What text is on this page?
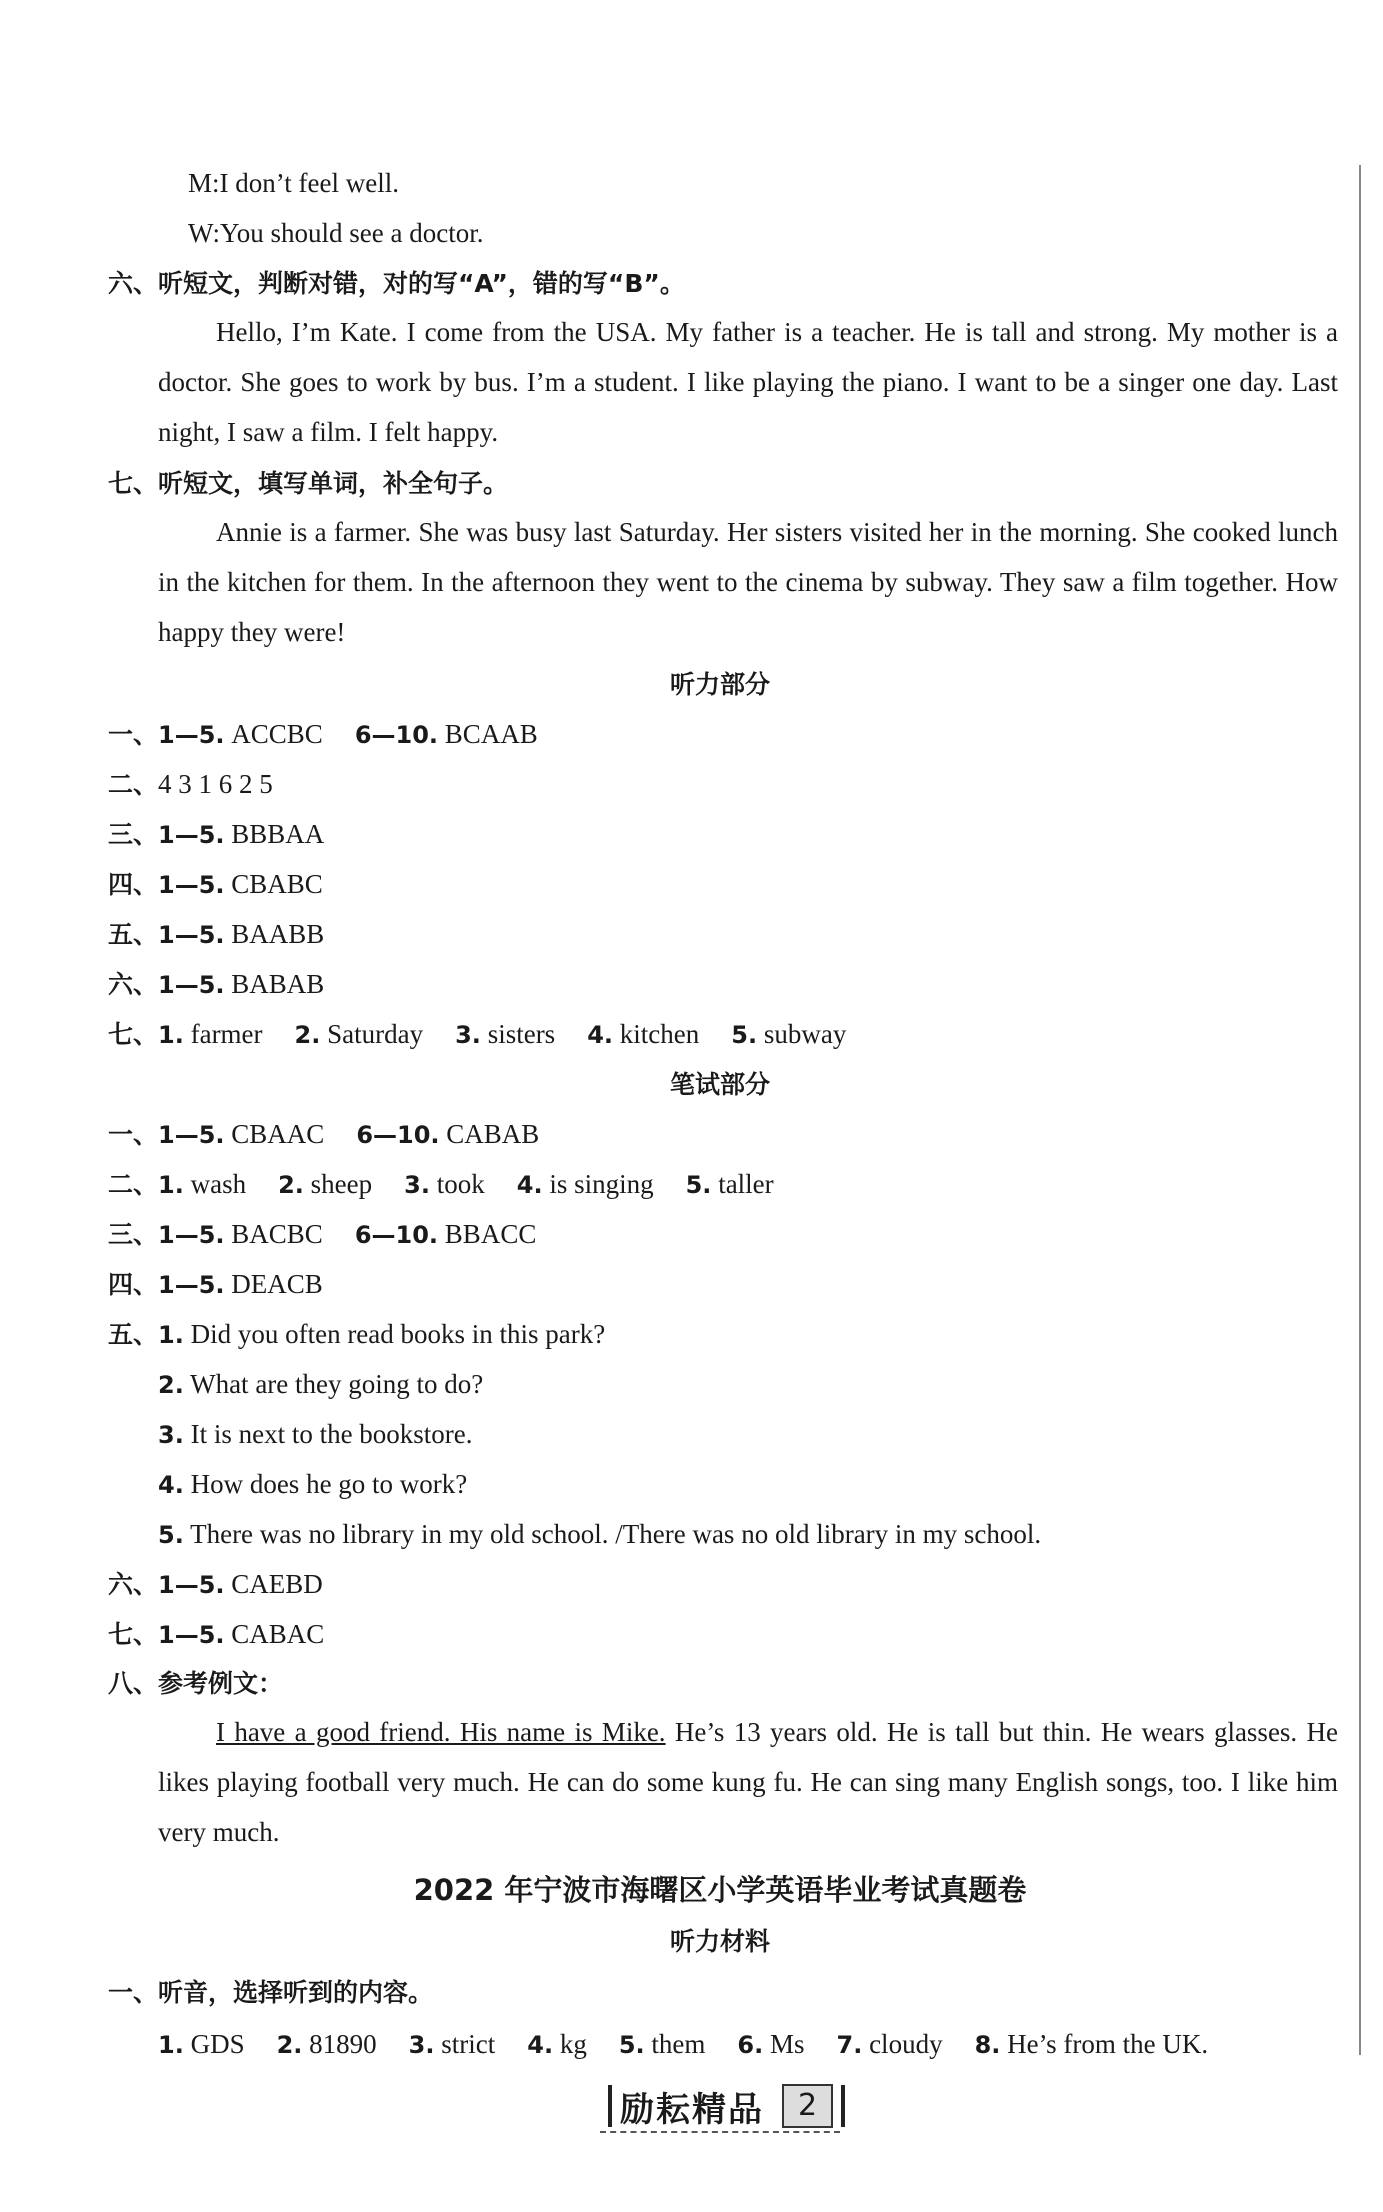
M:I don’t feel well.
W:You should see a doctor.
六、听短文，判断对错，对的写“A”，错的写“B”。
Hello, I’m Kate. I come from the USA. My father is a teacher. He is tall and strong. My mother is a doctor. She goes to work by bus. I’m a student. I like playing the piano. I want to be a singer one day. Last night, I saw a film. I felt happy.
七、听短文，填写单词，补全句子。
Annie is a farmer. She was busy last Saturday. Her sisters visited her in the morning. She cooked lunch in the kitchen for them. In the afternoon they went to the cinema by subway. They saw a film together. How happy they were!
听力部分
一、1—5. ACCBC 6—10. BCAAB
二、4 3 1 6 2 5
三、1—5. BBBAA
四、1—5. CBABC
五、1—5. BAABB
六、1—5. BABAB
七、1. farmer 2. Saturday 3. sisters 4. kitchen 5. subway
笔试部分
一、1—5. CBAAC 6—10. CABAB
二、1. wash 2. sheep 3. took 4. is singing 5. taller
三、1—5. BACBC 6—10. BBACC
四、1—5. DEACB
五、1. Did you often read books in this park?
2. What are they going to do?
3. It is next to the bookstore.
4. How does he go to work?
5. There was no library in my old school. /There was no old library in my school.
六、1—5. CAEBD
七、1—5. CABAC
八、参考例文：
I have a good friend. His name is Mike. He’s 13 years old. He is tall but thin. He wears glasses. He likes playing football very much. He can do some kung fu. He can sing many English songs, too. I like him very much.
2022 年宁波市海曙区小学英语毕业考试真题卷
听力材料
一、听音，选择听到的内容。
1. GDS 2. 81890 3. strict 4. kg 5. them 6. Ms 7. cloudy 8. He’s from the UK.
励耘精品	2
